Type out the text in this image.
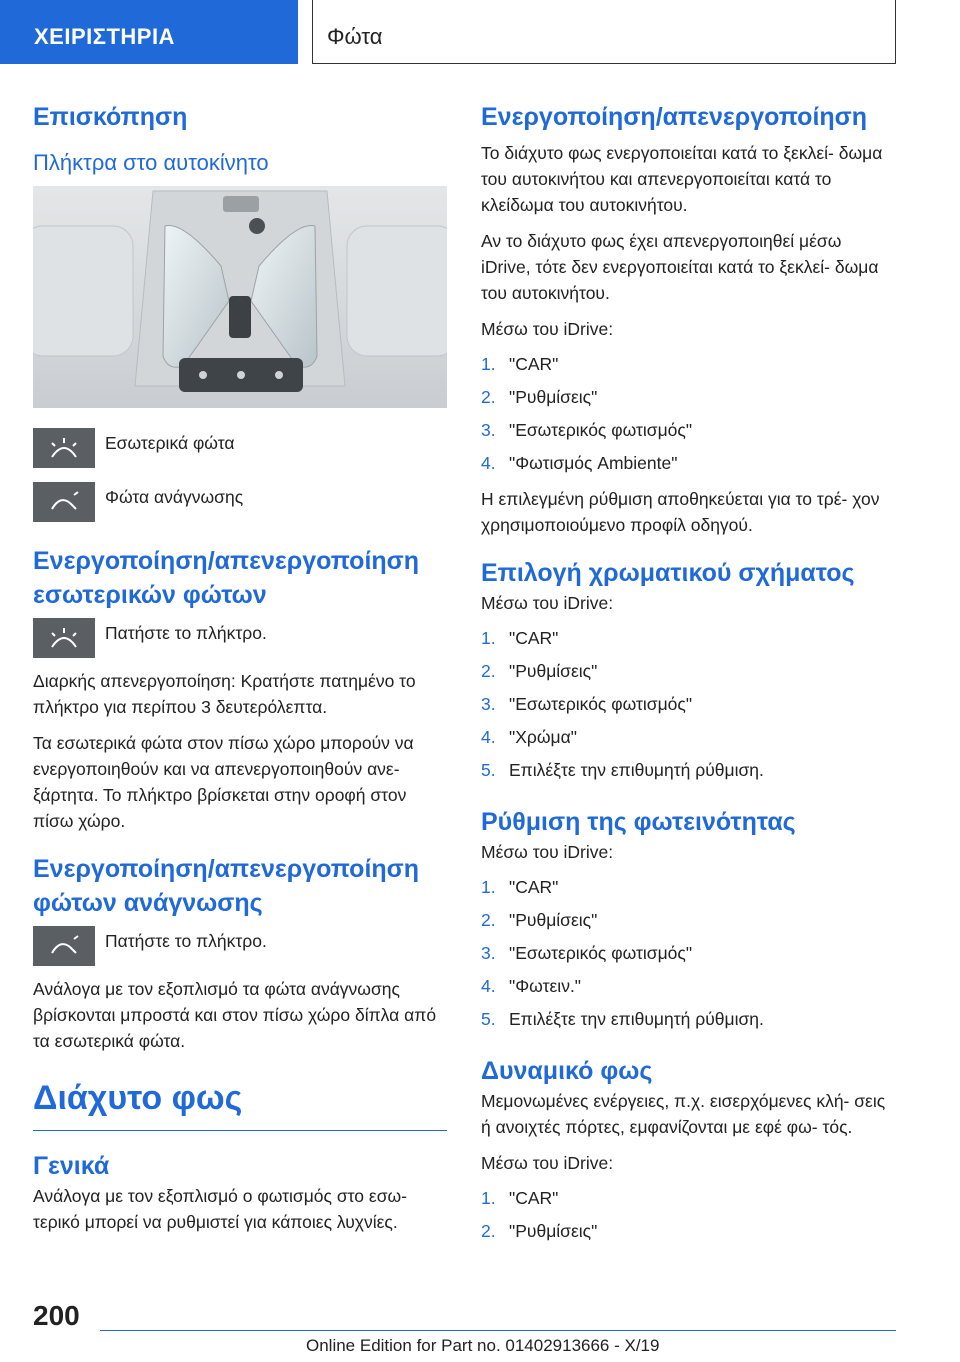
ΧΕΙΡΙΣΤΗΡΙΑ	Φώτα
Επισκόπηση
Πλήκτρα στο αυτοκίνητο

Εσωτερικά φώτα

Φώτα ανάγνωσης

Ενεργοποίηση/απενεργοποίηση εσωτερικών φώτων

Πατήστε το πλήκτρο.

Διαρκής απενεργοποίηση: Κρατήστε πατημένο το πλήκτρο για περίπου 3 δευτερόλεπτα.

Τα εσωτερικά φώτα στον πίσω χώρο μπορούν να ενεργοποιηθούν και να απενεργοποιηθούν ανε- ξάρτητα. Το πλήκτρο βρίσκεται στην οροφή στον πίσω χώρο.

Ενεργοποίηση/απενεργοποίηση φώτων ανάγνωσης

Πατήστε το πλήκτρο.

Ανάλογα με τον εξοπλισμό τα φώτα ανάγνωσης βρίσκονται μπροστά και στον πίσω χώρο δίπλα από τα εσωτερικά φώτα.

Διάχυτο φως
Γενικά

Ανάλογα με τον εξοπλισμό ο φωτισμός στο εσω- τερικό μπορεί να ρυθμιστεί για κάποιες λυχνίες.

Ενεργοποίηση/απενεργοποίηση

Το διάχυτο φως ενεργοποιείται κατά το ξεκλεί- δωμα του αυτοκινήτου και απενεργοποιείται κατά το κλείδωμα του αυτοκινήτου.

Αν το διάχυτο φως έχει απενεργοποιηθεί μέσω iDrive, τότε δεν ενεργοποιείται κατά το ξεκλεί- δωμα του αυτοκινήτου.

Μέσω του iDrive:

1. "CAR"
2. "Ρυθμίσεις"
3. "Εσωτερικός φωτισμός"
4. "Φωτισμός Ambiente"

Η επιλεγμένη ρύθμιση αποθηκεύεται για το τρέ- χον χρησιμοποιούμενο προφίλ οδηγού.

Επιλογή χρωματικού σχήματος

Μέσω του iDrive:

1. "CAR"
2. "Ρυθμίσεις"
3. "Εσωτερικός φωτισμός"
4. "Χρώμα"
5. Επιλέξτε την επιθυμητή ρύθμιση.
Ρύθμιση της φωτεινότητας

Μέσω του iDrive:

1. "CAR"
2. "Ρυθμίσεις"
3. "Εσωτερικός φωτισμός"
4. "Φωτειν."
5. Επιλέξτε την επιθυμητή ρύθμιση.
Δυναμικό φως

Μεμονωμένες ενέργειες, π.χ. εισερχόμενες κλή- σεις ή ανοιχτές πόρτες, εμφανίζονται με εφέ φω- τός.

Μέσω του iDrive:

1. "CAR"
2. "Ρυθμίσεις"
200
Online Edition for Part no. 01402913666 - X/19
